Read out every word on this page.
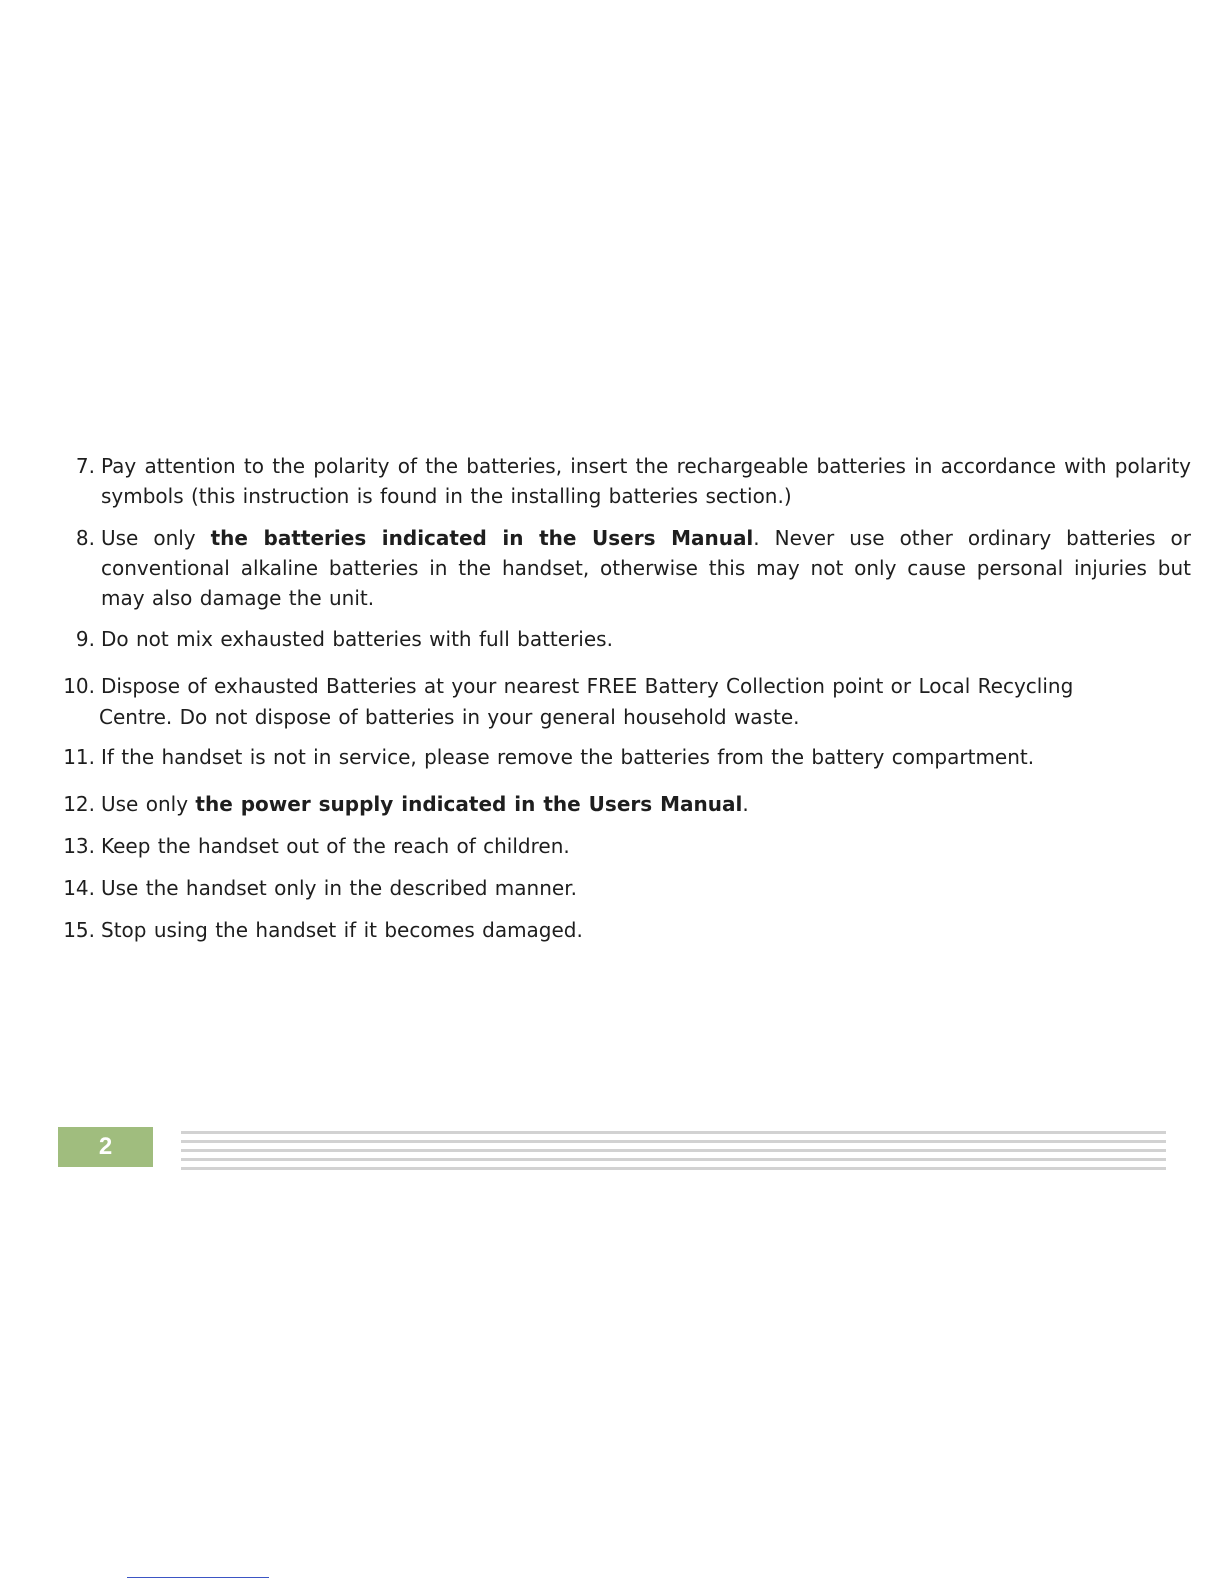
7. Pay attention to the polarity of the batteries, insert the rechargeable batteries in accordance with polarity symbols (this instruction is found in the installing batteries section.)
8. Use only the batteries indicated in the Users Manual. Never use other ordinary batteries or conventional alkaline batteries in the handset, otherwise this may not only cause personal injuries but may also damage the unit.
9. Do not mix exhausted batteries with full batteries.
10. Dispose of exhausted Batteries at your nearest FREE Battery Collection point or Local Recycling
Centre. Do not dispose of batteries in your general household waste.
11. If the handset is not in service, please remove the batteries from the battery compartment.
12. Use only the power supply indicated in the Users Manual.
13. Keep the handset out of the reach of children.
14. Use the handset only in the described manner.
15. Stop using the handset if it becomes damaged.
2
